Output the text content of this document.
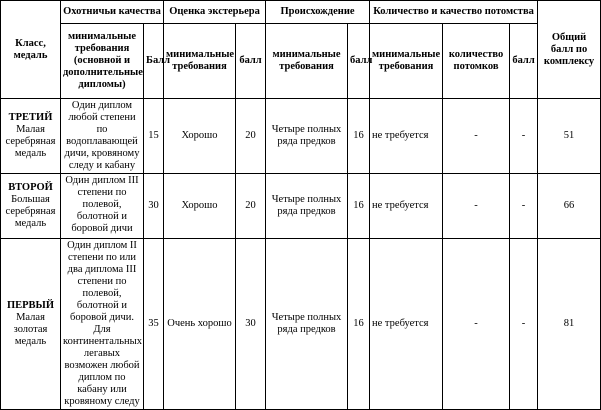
Класс, медаль	Охотничьи качества		Оценка экстерьера		Происхождение		Количество и качество потомства			Общий балл по комплексу
	минимальные требования (основной и дополнительные дипломы)	Балл	минимальные требования	балл	минимальные требования	балл	минимальные требования	количество потомков	балл	

ТРЕТИЙ
Малая серебряная медаль	Один диплом любой степени по водоплавающей дичи, кровяному следу и кабану	15	Хорошо	20	Четыре полных ряда предков	16	не требуется	-	-	51

ВТОРОЙ
Большая серебряная медаль	Один диплом III степени по полевой, болотной и боровой дичи	30	Хорошо	20	Четыре полных ряда предков	16	не требуется	-	-	66

ПЕРВЫЙ
Малая золотая медаль	Один диплом II степени по или два диплома III степени по полевой, болотной и боровой дичи. Для континентальных легавых возможен любой диплом по кабану или кровяному следу	35	Очень хорошо	30	Четыре полных ряда предков	16	не требуется	-	-	81
